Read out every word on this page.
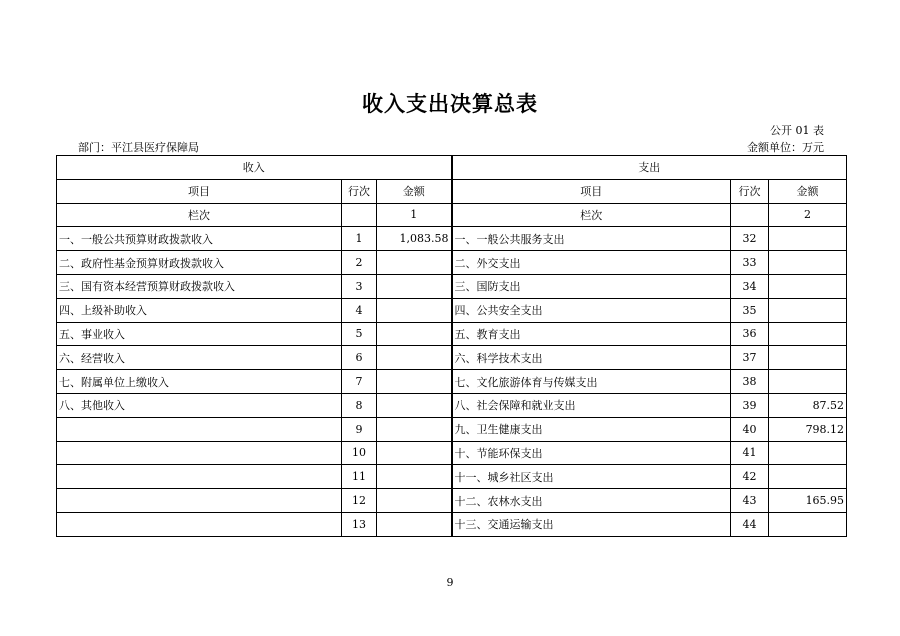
收入支出决算总表
公开 01 表
部门：平江县医疗保障局	金额单位：万元
收入			支出		
项目	行次	金额	项目	行次	金额
栏次		1	栏次		2
一、一般公共预算财政拨款收入	1	1,083.58	一、一般公共服务支出	32	
二、政府性基金预算财政拨款收入	2		二、外交支出	33	
三、国有资本经营预算财政拨款收入	3		三、国防支出	34	
四、上级补助收入	4		四、公共安全支出	35	
五、事业收入	5		五、教育支出	36	
六、经营收入	6		六、科学技术支出	37	
七、附属单位上缴收入	7		七、文化旅游体育与传媒支出	38	
八、其他收入	8		八、社会保障和就业支出	39	87.52
	9		九、卫生健康支出	40	798.12
	10		十、节能环保支出	41	
	11		十一、城乡社区支出	42	
	12		十二、农林水支出	43	165.95
	13		十三、交通运输支出	44	
9
